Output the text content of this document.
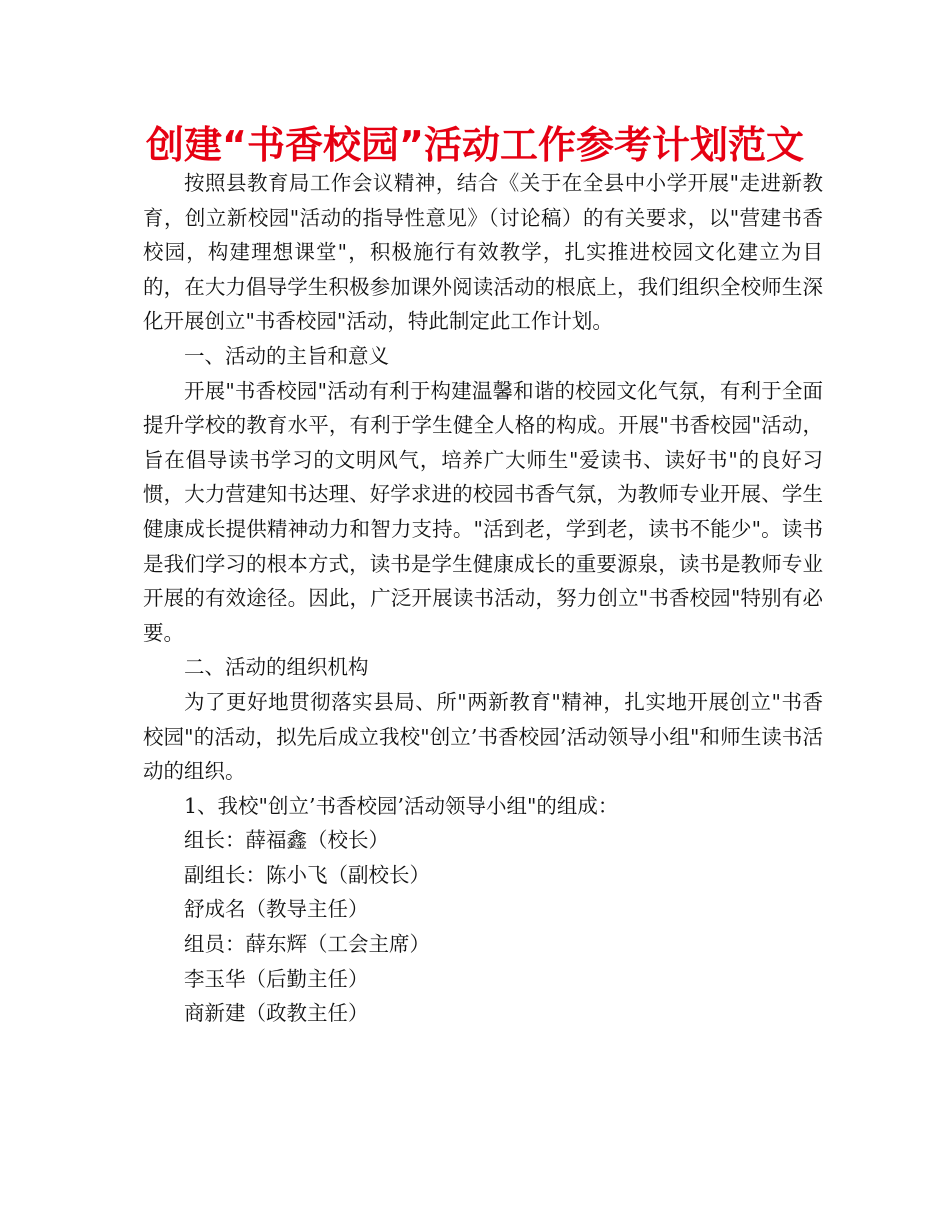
创建“书香校园”活动工作参考计划范文

按照县教育局工作会议精神，结合《关于在全县中小学开展"走进新教育，创立新校园"活动的指导性意见》（讨论稿）的有关要求，以"营建书香校园，构建理想课堂"，积极施行有效教学，扎实推进校园文化建立为目的，在大力倡导学生积极参加课外阅读活动的根底上，我们组织全校师生深化开展创立"书香校园"活动，特此制定此工作计划。

一、活动的主旨和意义

开展"书香校园"活动有利于构建温馨和谐的校园文化气氛，有利于全面提升学校的教育水平，有利于学生健全人格的构成。开展"书香校园"活动，旨在倡导读书学习的文明风气，培养广大师生"爱读书、读好书"的良好习惯，大力营建知书达理、好学求进的校园书香气氛，为教师专业开展、学生健康成长提供精神动力和智力支持。"活到老，学到老，读书不能少"。读书是我们学习的根本方式，读书是学生健康成长的重要源泉，读书是教师专业开展的有效途径。因此，广泛开展读书活动，努力创立"书香校园"特别有必要。

二、活动的组织机构

为了更好地贯彻落实县局、所"两新教育"精神，扎实地开展创立"书香校园"的活动，拟先后成立我校"创立’书香校园’活动领导小组"和师生读书活动的组织。

1、我校"创立’书香校园’活动领导小组"的组成：

组长：薛福鑫（校长）

副组长：陈小飞（副校长）

舒成名（教导主任）

组员：薛东辉（工会主席）

李玉华（后勤主任）

商新建（政教主任）
